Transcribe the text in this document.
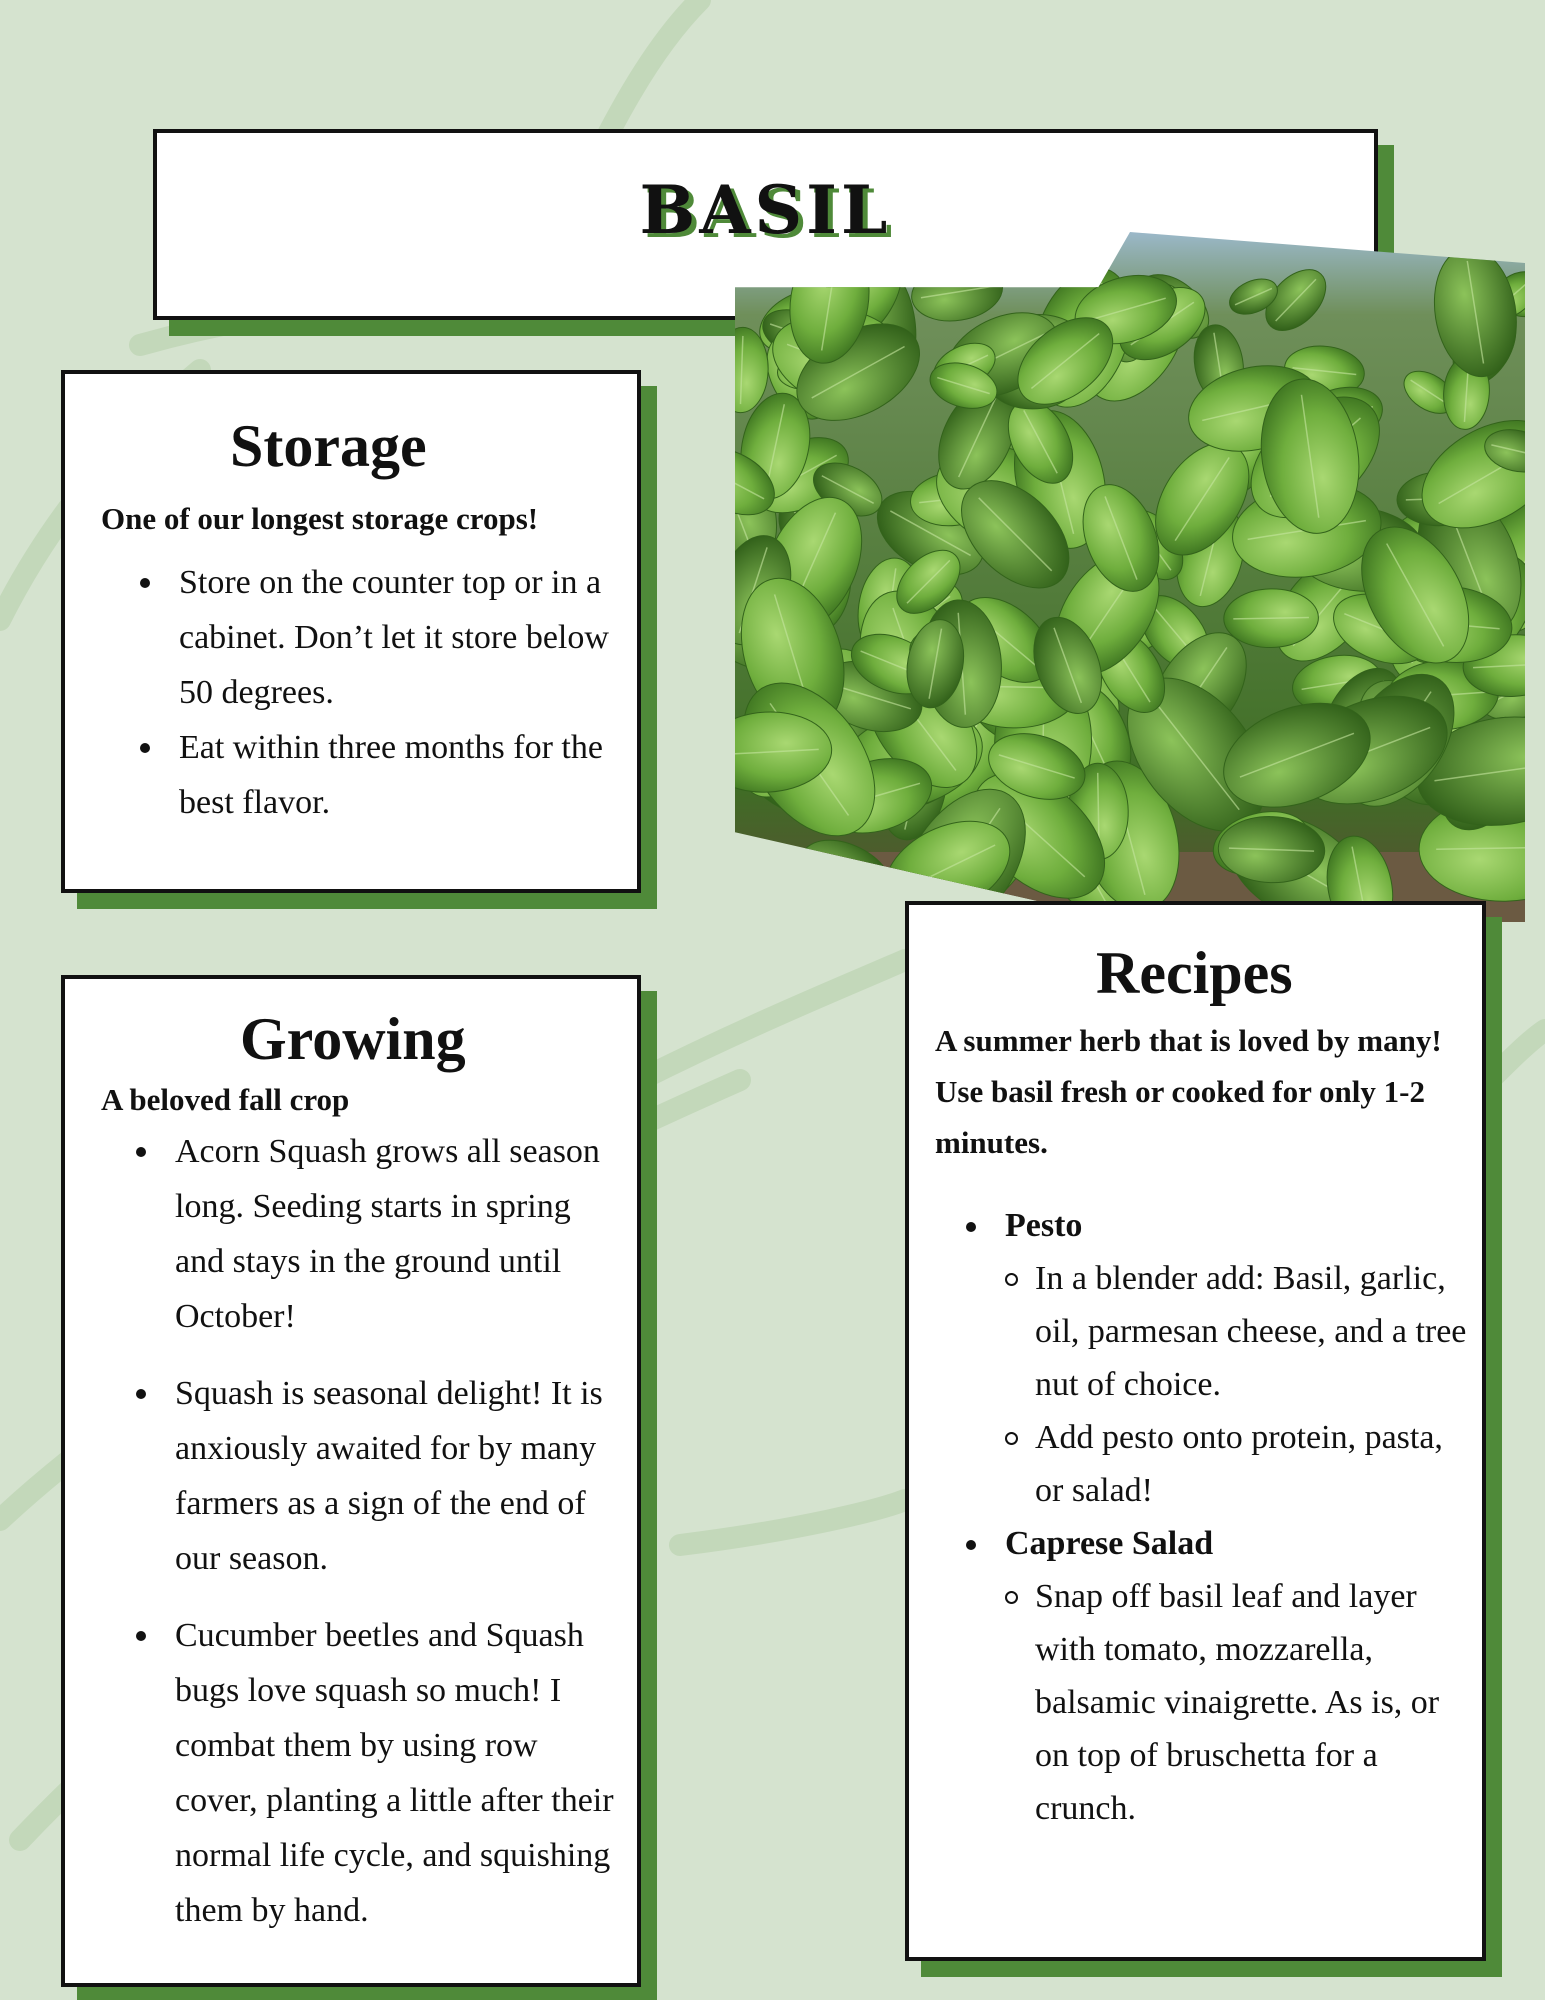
BASIL
Storage
One of our longest storage crops!
Store on the counter top or in a cabinet. Don’t let it store below 50 degrees.
Eat within three months for the best flavor.
Growing
A beloved fall crop
Acorn Squash grows all season long. Seeding starts in spring and stays in the ground until October!
Squash is seasonal delight! It is anxiously awaited for by many farmers as a sign of the end of our season.
Cucumber beetles and Squash bugs love squash so much! I combat them by using row cover, planting a little after their normal life cycle, and squishing them by hand.
Recipes
A summer herb that is loved by many! Use basil fresh or cooked for only 1-2 minutes.
Pesto
In a blender add: Basil, garlic, oil, parmesan cheese, and a tree nut of choice.
Add pesto onto protein, pasta, or salad!
Caprese Salad
Snap off basil leaf and layer with tomato, mozzarella, balsamic vinaigrette. As is, or on top of bruschetta for a crunch.
